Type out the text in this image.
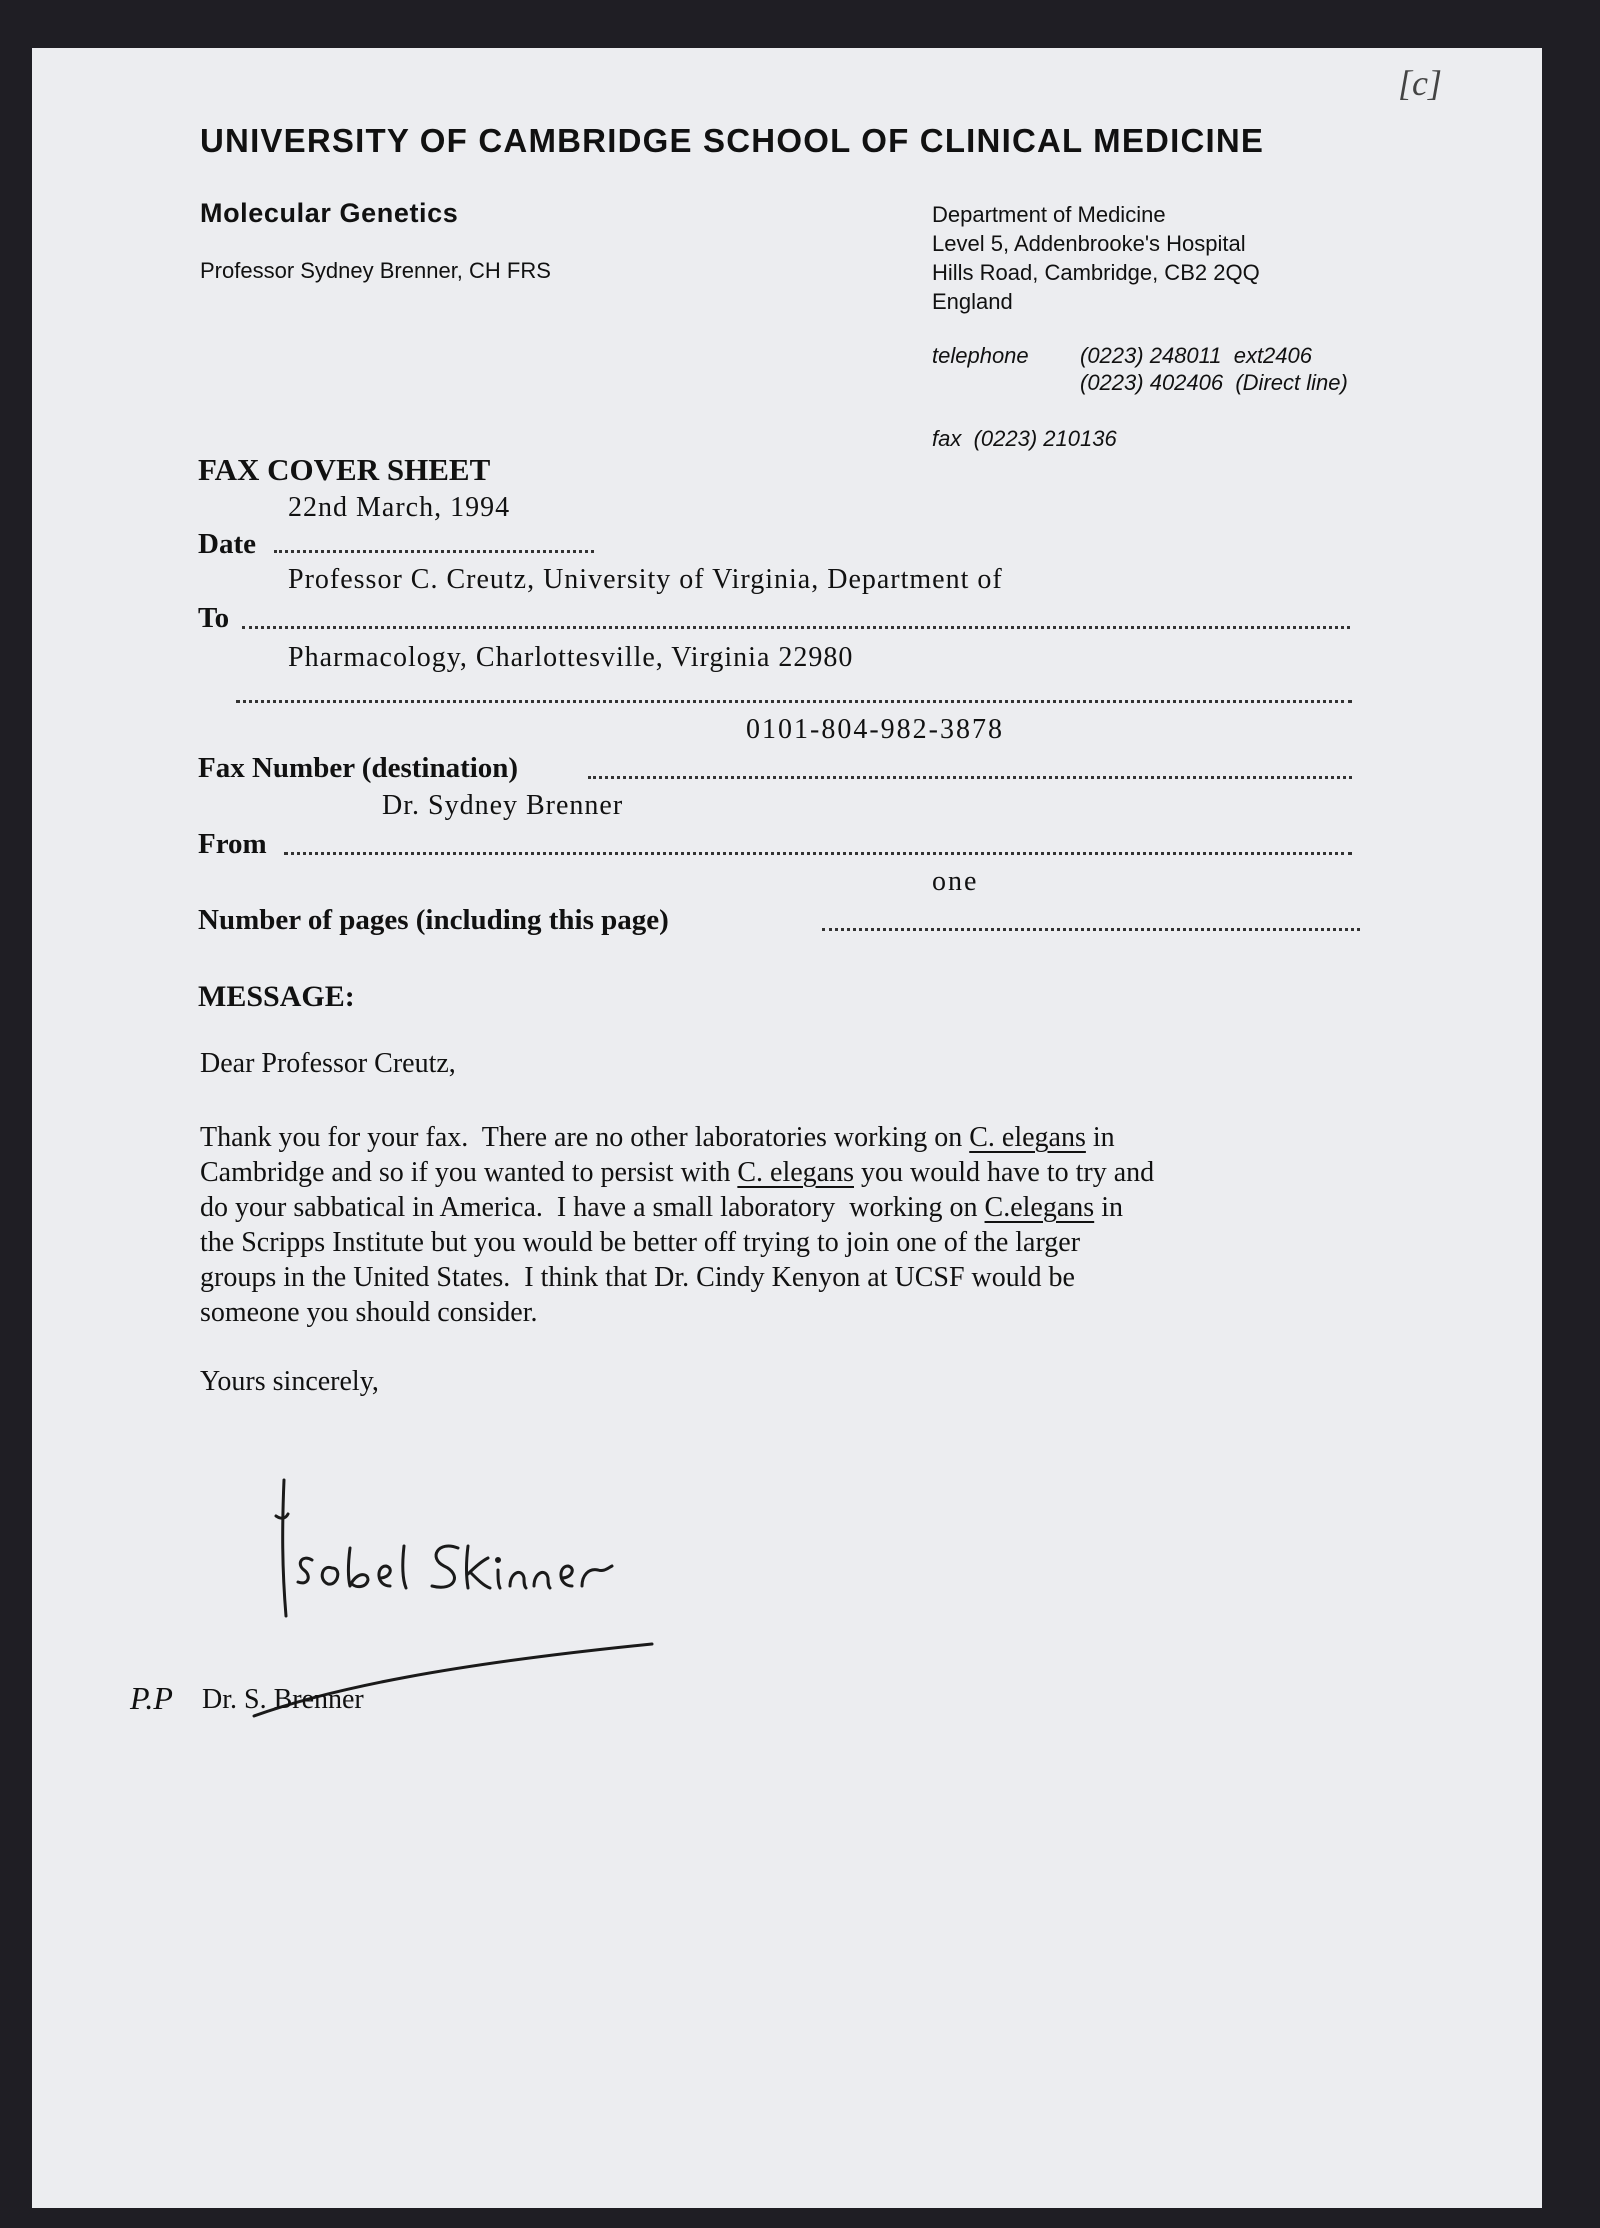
[c]
UNIVERSITY OF CAMBRIDGE SCHOOL OF CLINICAL MEDICINE
Molecular Genetics
Professor Sydney Brenner, CH FRS
Department of Medicine
Level 5, Addenbrooke's Hospital
Hills Road, Cambridge, CB2 2QQ
England
telephone (0223) 248011  ext2406
(0223) 402406  (Direct line)
fax  (0223) 210136
FAX COVER SHEET
22nd March, 1994
Date
Professor C. Creutz, University of Virginia, Department of
To
Pharmacology, Charlottesville, Virginia 22980
0101-804-982-3878
Fax Number (destination)
Dr. Sydney Brenner
From
one
Number of pages (including this page)
MESSAGE:
Dear Professor Creutz,

Thank you for your fax.  There are no other laboratories working on C. elegans in

Cambridge and so if you wanted to persist with C. elegans you would have to try and

do your sabbatical in America.  I have a small laboratory  working on C.elegans in

the Scripps Institute but you would be better off trying to join one of the larger

groups in the United States.  I think that Dr. Cindy Kenyon at UCSF would be

someone you should consider.

Yours sincerely,
P.P Dr. S. Brenner
